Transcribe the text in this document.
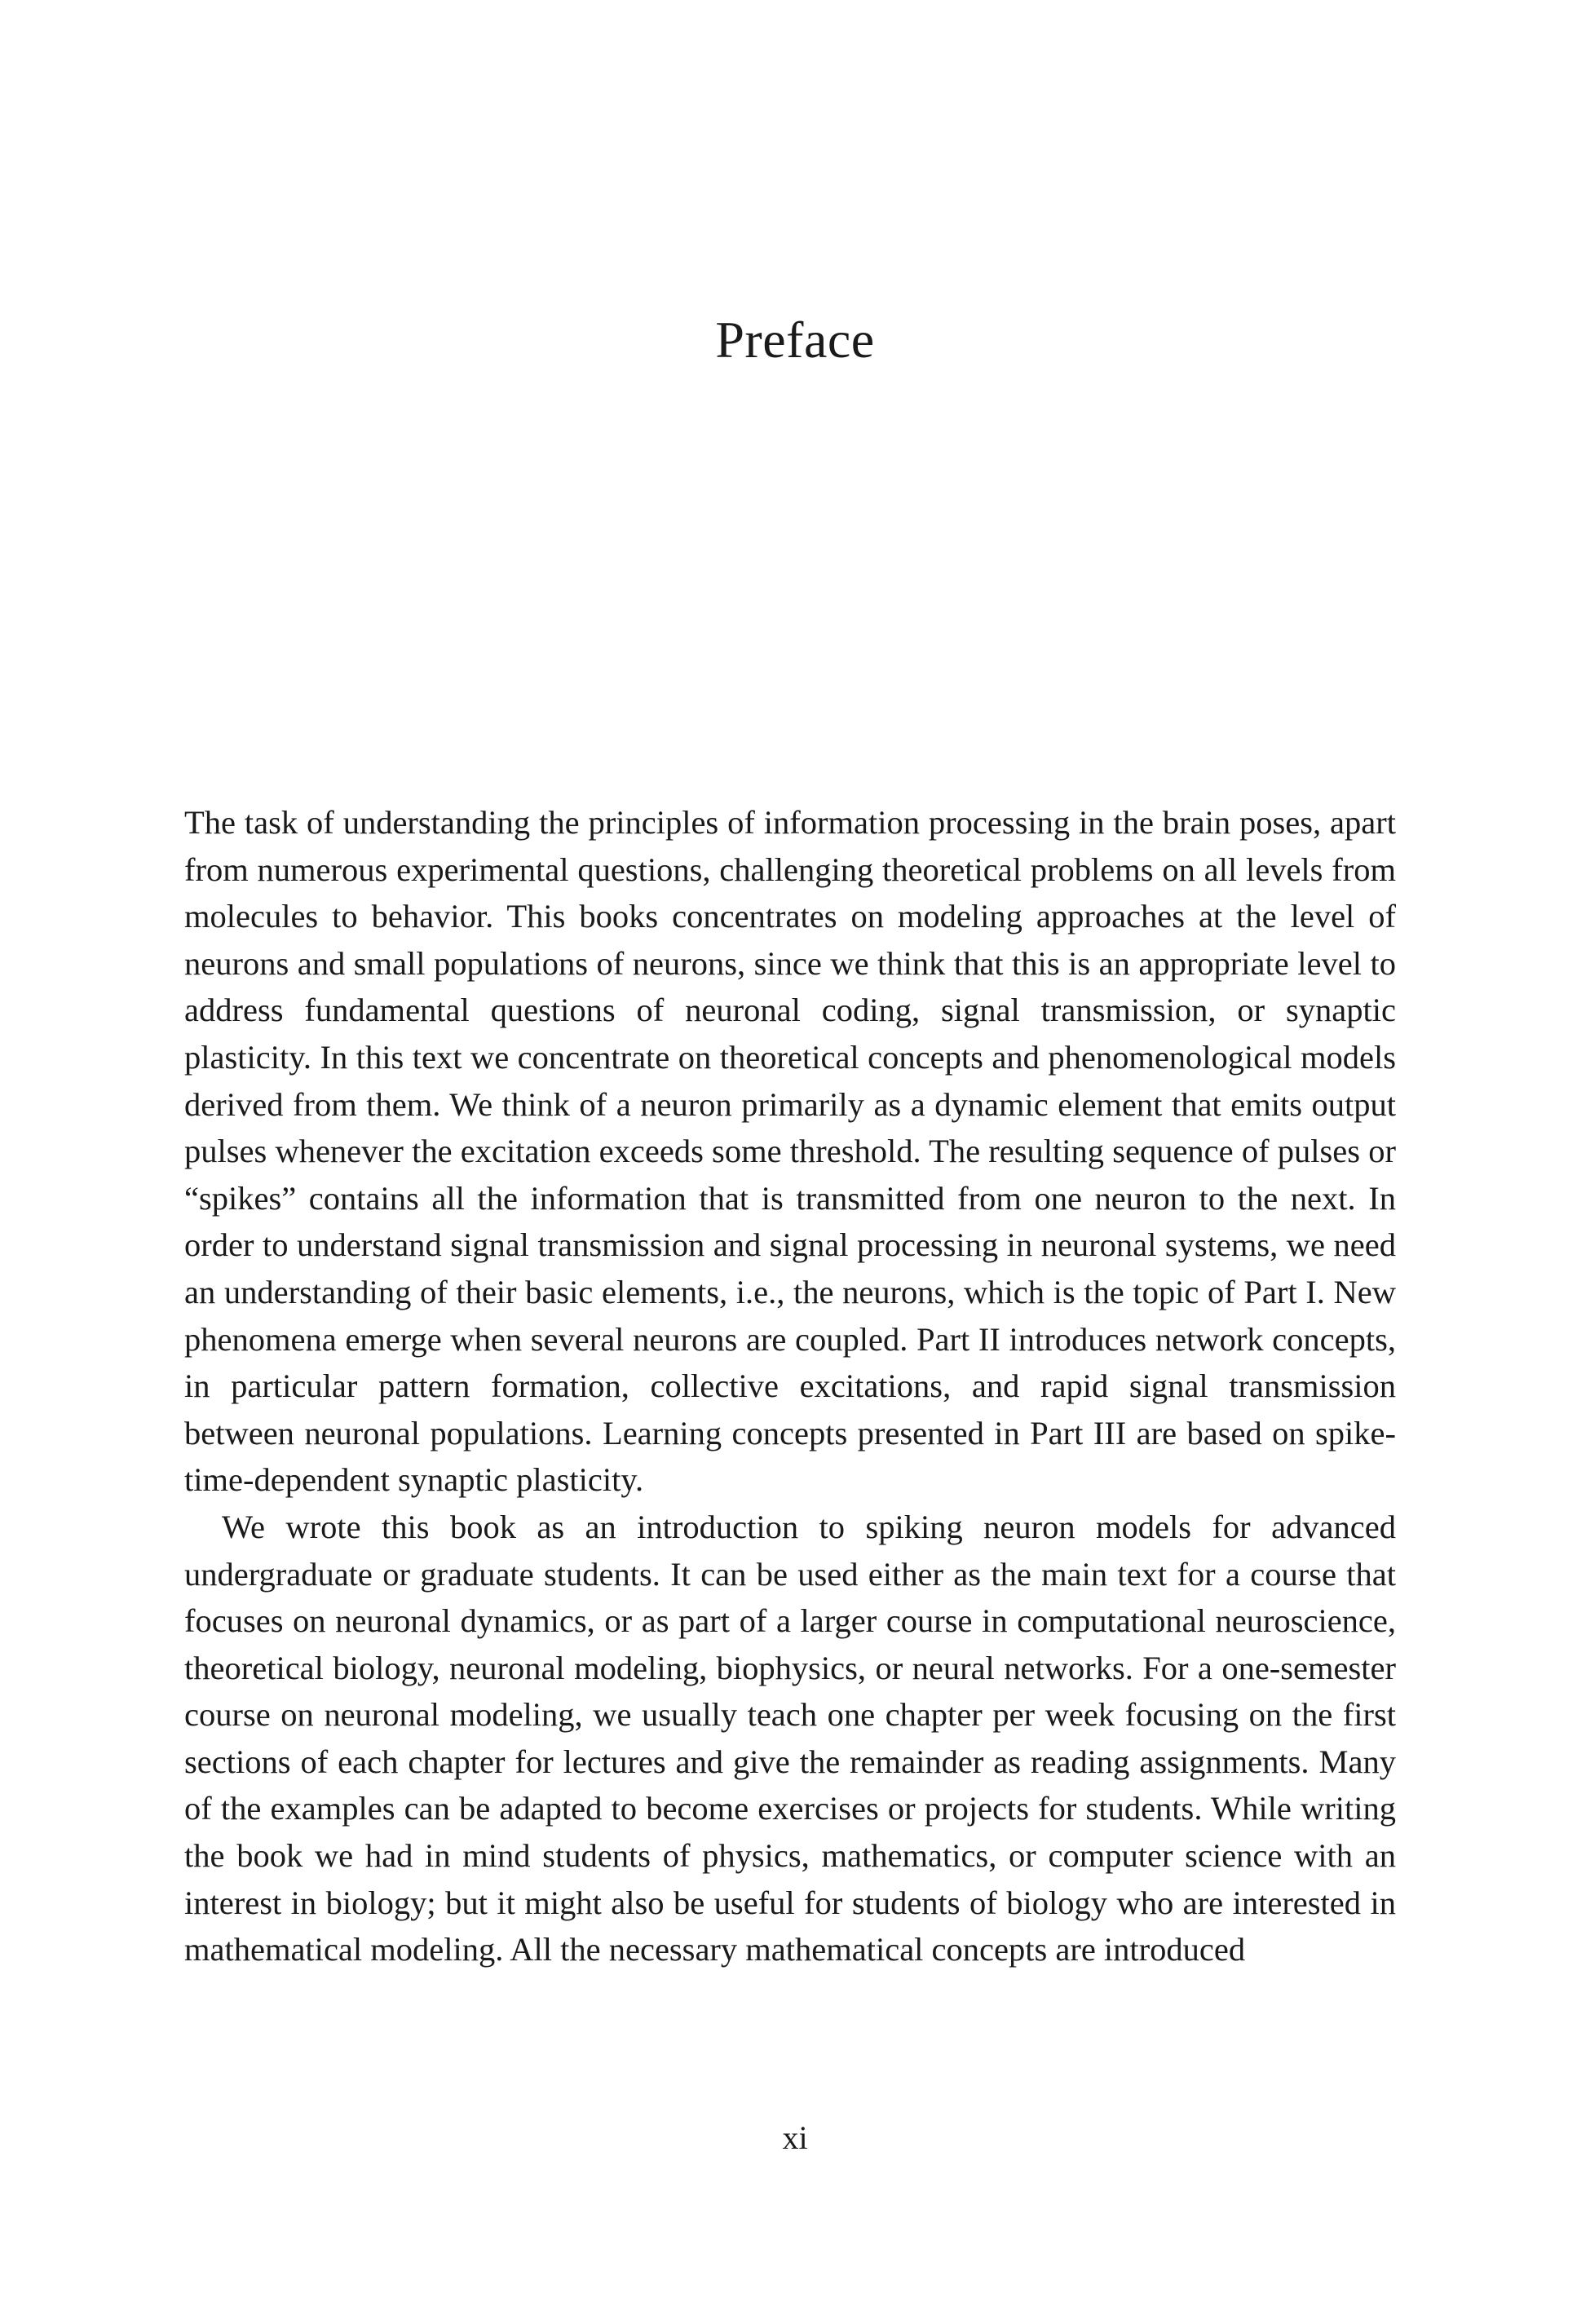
Preface

The task of understanding the principles of information processing in the brain poses, apart from numerous experimental questions, challenging theoretical problems on all levels from molecules to behavior. This books concentrates on modeling approaches at the level of neurons and small populations of neurons, since we think that this is an appropriate level to address fundamental questions of neuronal coding, signal transmission, or synaptic plasticity. In this text we concentrate on theoretical concepts and phenomenological models derived from them. We think of a neuron primarily as a dynamic element that emits output pulses whenever the excitation exceeds some threshold. The resulting sequence of pulses or “spikes” contains all the information that is transmitted from one neuron to the next. In order to understand signal transmission and signal processing in neuronal systems, we need an understanding of their basic elements, i.e., the neurons, which is the topic of Part I. New phenomena emerge when several neurons are coupled. Part II introduces network concepts, in particular pattern formation, collective excitations, and rapid signal transmission between neuronal populations. Learning concepts presented in Part III are based on spike-time-dependent synaptic plasticity.

We wrote this book as an introduction to spiking neuron models for advanced undergraduate or graduate students. It can be used either as the main text for a course that focuses on neuronal dynamics, or as part of a larger course in computational neuroscience, theoretical biology, neuronal modeling, biophysics, or neural networks. For a one-semester course on neuronal modeling, we usually teach one chapter per week focusing on the first sections of each chapter for lectures and give the remainder as reading assignments. Many of the examples can be adapted to become exercises or projects for students. While writing the book we had in mind students of physics, mathematics, or computer science with an interest in biology; but it might also be useful for students of biology who are interested in mathematical modeling. All the necessary mathematical concepts are introduced

xi
